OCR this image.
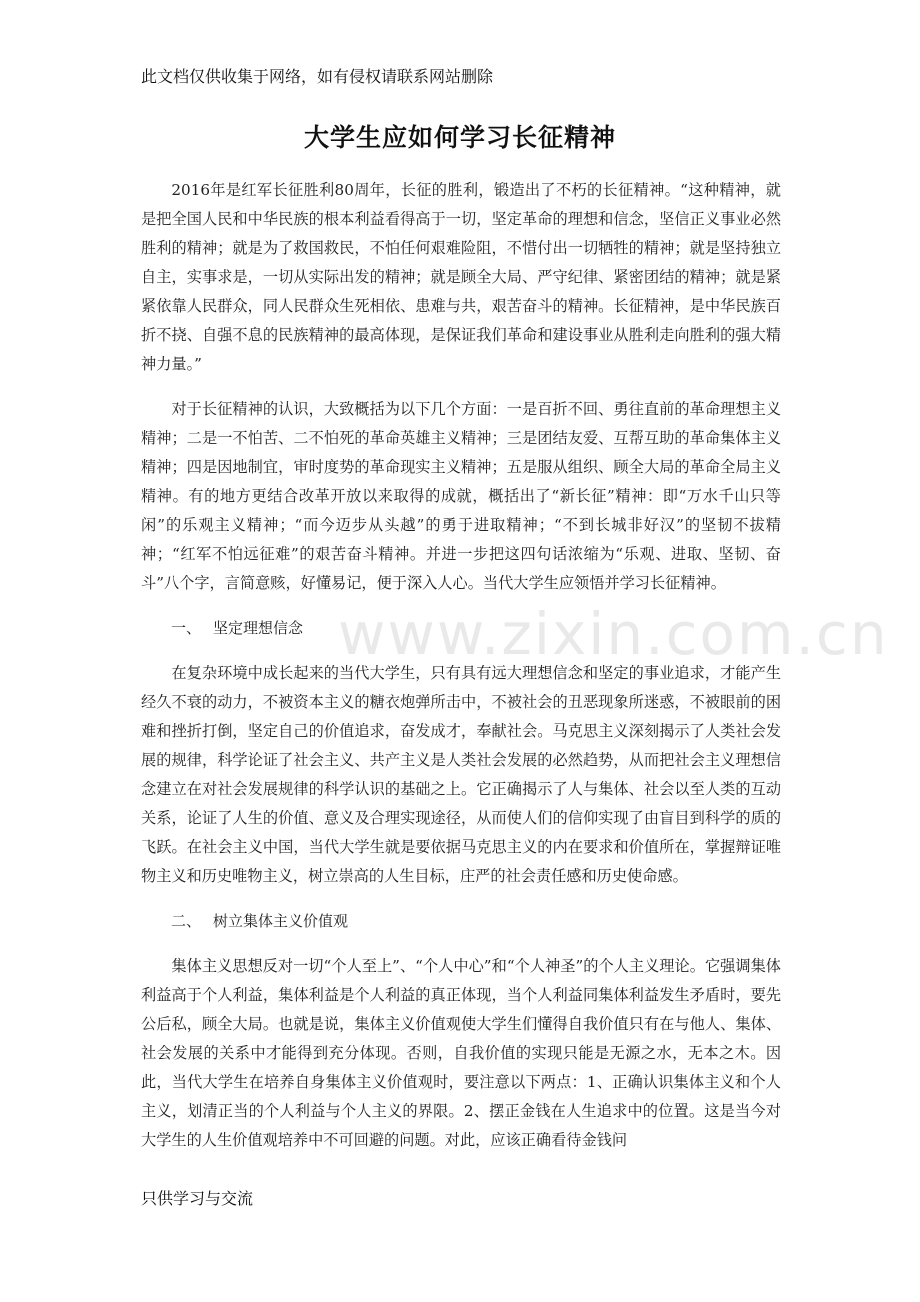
此文档仅供收集于网络，如有侵权请联系网站删除
大学生应如何学习长征精神

2016年是红军长征胜利80周年，长征的胜利，锻造出了不朽的长征精神。“这种精神，就是把全国人民和中华民族的根本利益看得高于一切，坚定革命的理想和信念，坚信正义事业必然胜利的精神；就是为了救国救民，不怕任何艰难险阻，不惜付出一切牺牲的精神；就是坚持独立自主，实事求是，一切从实际出发的精神；就是顾全大局、严守纪律、紧密团结的精神；就是紧紧依靠人民群众，同人民群众生死相依、患难与共，艰苦奋斗的精神。长征精神，是中华民族百折不挠、自强不息的民族精神的最高体现，是保证我们革命和建设事业从胜利走向胜利的强大精神力量。”

对于长征精神的认识，大致概括为以下几个方面：一是百折不回、勇往直前的革命理想主义精神；二是一不怕苦、二不怕死的革命英雄主义精神；三是团结友爱、互帮互助的革命集体主义精神；四是因地制宜，审时度势的革命现实主义精神；五是服从组织、顾全大局的革命全局主义精神。有的地方更结合改革开放以来取得的成就，概括出了“新长征”精神：即“万水千山只等闲”的乐观主义精神；“而今迈步从头越”的勇于进取精神；“不到长城非好汉”的坚韧不拔精神；“红军不怕远征难”的艰苦奋斗精神。并进一步把这四句话浓缩为“乐观、进取、坚韧、奋斗”八个字，言简意赅，好懂易记，便于深入人心。当代大学生应领悟并学习长征精神。

一、 坚定理想信念

在复杂环境中成长起来的当代大学生，只有具有远大理想信念和坚定的事业追求，才能产生经久不衰的动力，不被资本主义的糖衣炮弹所击中，不被社会的丑恶现象所迷惑，不被眼前的困难和挫折打倒，坚定自己的价值追求，奋发成才，奉献社会。马克思主义深刻揭示了人类社会发展的规律，科学论证了社会主义、共产主义是人类社会发展的必然趋势，从而把社会主义理想信念建立在对社会发展规律的科学认识的基础之上。它正确揭示了人与集体、社会以至人类的互动关系，论证了人生的价值、意义及合理实现途径，从而使人们的信仰实现了由盲目到科学的质的飞跃。在社会主义中国，当代大学生就是要依据马克思主义的内在要求和价值所在，掌握辩证唯物主义和历史唯物主义，树立崇高的人生目标，庄严的社会责任感和历史使命感。

二、 树立集体主义价值观

集体主义思想反对一切“个人至上”、“个人中心”和“个人神圣”的个人主义理论。它强调集体利益高于个人利益，集体利益是个人利益的真正体现，当个人利益同集体利益发生矛盾时，要先公后私，顾全大局。也就是说，集体主义价值观使大学生们懂得自我价值只有在与他人、集体、社会发展的关系中才能得到充分体现。否则，自我价值的实现只能是无源之水，无本之木。因此，当代大学生在培养自身集体主义价值观时，要注意以下两点：1、正确认识集体主义和个人主义，划清正当的个人利益与个人主义的界限。2、摆正金钱在人生追求中的位置。这是当今对大学生的人生价值观培养中不可回避的问题。对此，应该正确看待金钱问

www.zixin.com.cn
只供学习与交流
